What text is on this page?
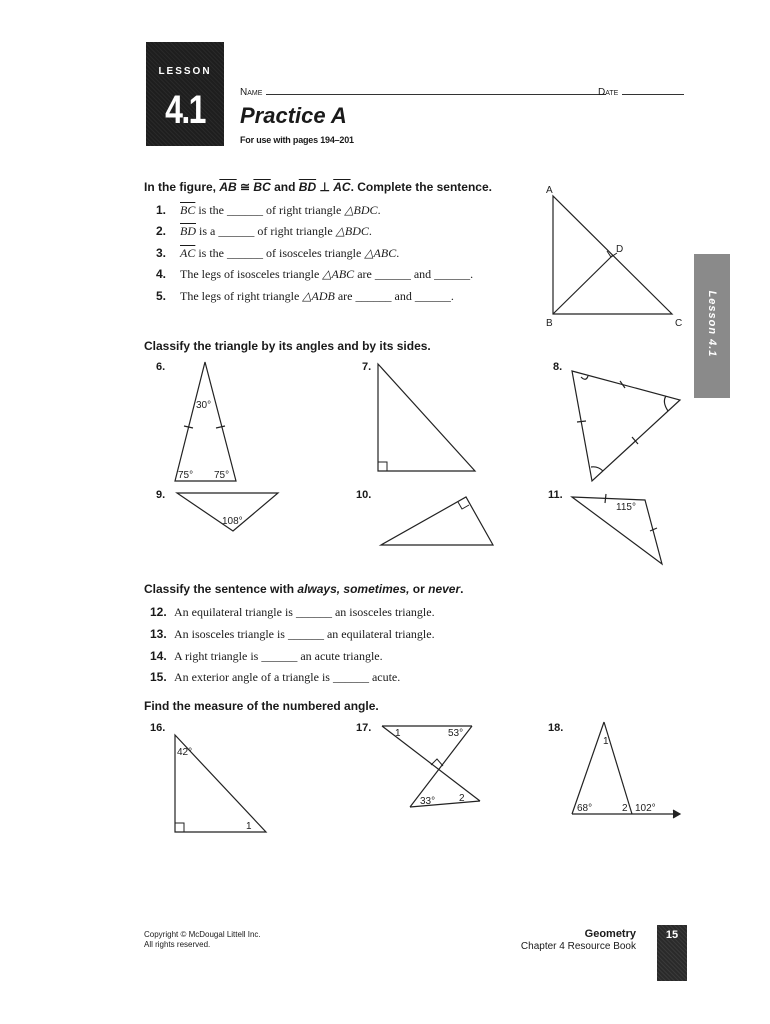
LESSON
4.1	Name	Date
Practice A
For use with pages 194–201
In the figure, $\overline{AB}$ ≅ $\overline{BC}$ and $\overline{BD}$ ⊥ $\overline{AC}$. Complete the sentence.
1. $\overline{BC}$ is the ______ of right triangle △BDC.
2. $\overline{BD}$ is a ______ of right triangle △BDC.
3. $\overline{AC}$ is the ______ of isosceles triangle △ABC.
4. The legs of isosceles triangle △ABC are ______ and ______.
5. The legs of right triangle △ADB are ______ and ______.
Classify the triangle by its angles and by its sides.
6.	7.	8.
9.	10.	11.
Classify the sentence with always, sometimes, or never.
12. An equilateral triangle is ______ an isosceles triangle.
13. An isosceles triangle is ______ an equilateral triangle.
14. A right triangle is ______ an acute triangle.
15. An exterior angle of a triangle is ______ acute.
Find the measure of the numbered angle.
16.	17.	18.
A
B	C
D
30°
75° 75°
108°
115°
42°
1
1	53°
33° 2
1
68°	2 102°
Lesson 4.1
Copyright © McDougal Littell Inc.
All rights reserved.
Geometry
Chapter 4 Resource Book
15
